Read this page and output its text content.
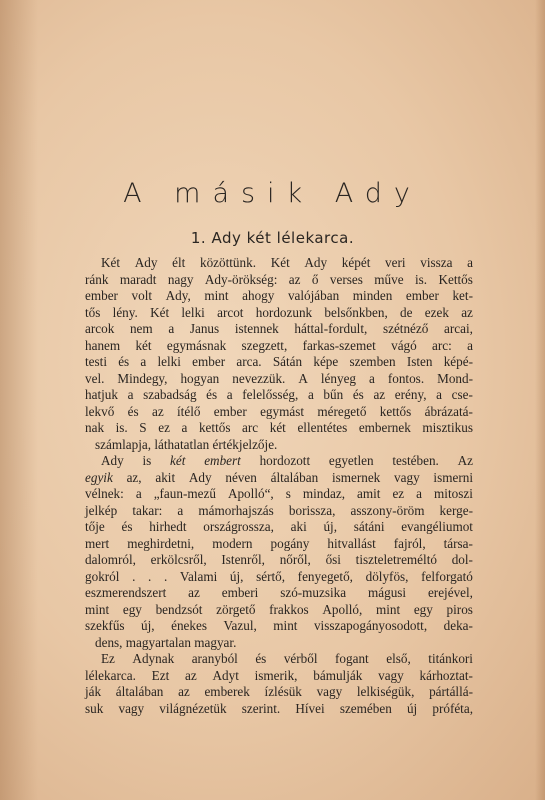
A másik Ady
1. Ady két lélekarca.
Két Ady élt közöttünk. Két Ady képét veri vissza a
ránk maradt nagy Ady-örökség: az ő verses műve is. Kettős
ember volt Ady, mint ahogy valójában minden ember ket-
tős lény. Két lelki arcot hordozunk belsőnkben, de ezek az
arcok nem a Janus istennek háttal-fordult, szétnéző arcai,
hanem két egymásnak szegzett, farkas-szemet vágó arc: a
testi és a lelki ember arca. Sátán képe szemben Isten képé-
vel. Mindegy, hogyan nevezzük. A lényeg a fontos. Mond-
hatjuk a szabadság és a felelősség, a bűn és az erény, a cse-
lekvő és az ítélő ember egymást méregető kettős ábrázatá-
nak is. S ez a kettős arc két ellentétes embernek misztikus
számlapja, láthatatlan értékjelzője.
Ady is két embert hordozott egyetlen testében. Az
egyik az, akit Ady néven általában ismernek vagy ismerni
vélnek: a „faun-mezű Apolló“, s mindaz, amit ez a mitoszi
jelkép takar: a mámorhajszás borissza, asszony-öröm kerge-
tője és hirhedt országrossza, aki új, sátáni evangéliumot
mert meghirdetni, modern pogány hitvallást fajról, társa-
dalomról, erkölcsről, Istenről, nőről, ősi tiszteletreméltó dol-
gokról . . . Valami új, sértő, fenyegető, dölyfös, felforgató
eszmerendszert az emberi szó-muzsika mágusi erejével,
mint egy bendzsót zörgető frakkos Apolló, mint egy piros
szekfűs új, énekes Vazul, mint visszapogányosodott, deka-
dens, magyartalan magyar.
Ez Adynak aranyból és vérből fogant első, titánkori
lélekarca. Ezt az Adyt ismerik, bámulják vagy kárhoztat-
ják általában az emberek ízlésük vagy lelkiségük, pártállá-
suk vagy világnézetük szerint. Hívei szemében új próféta,
